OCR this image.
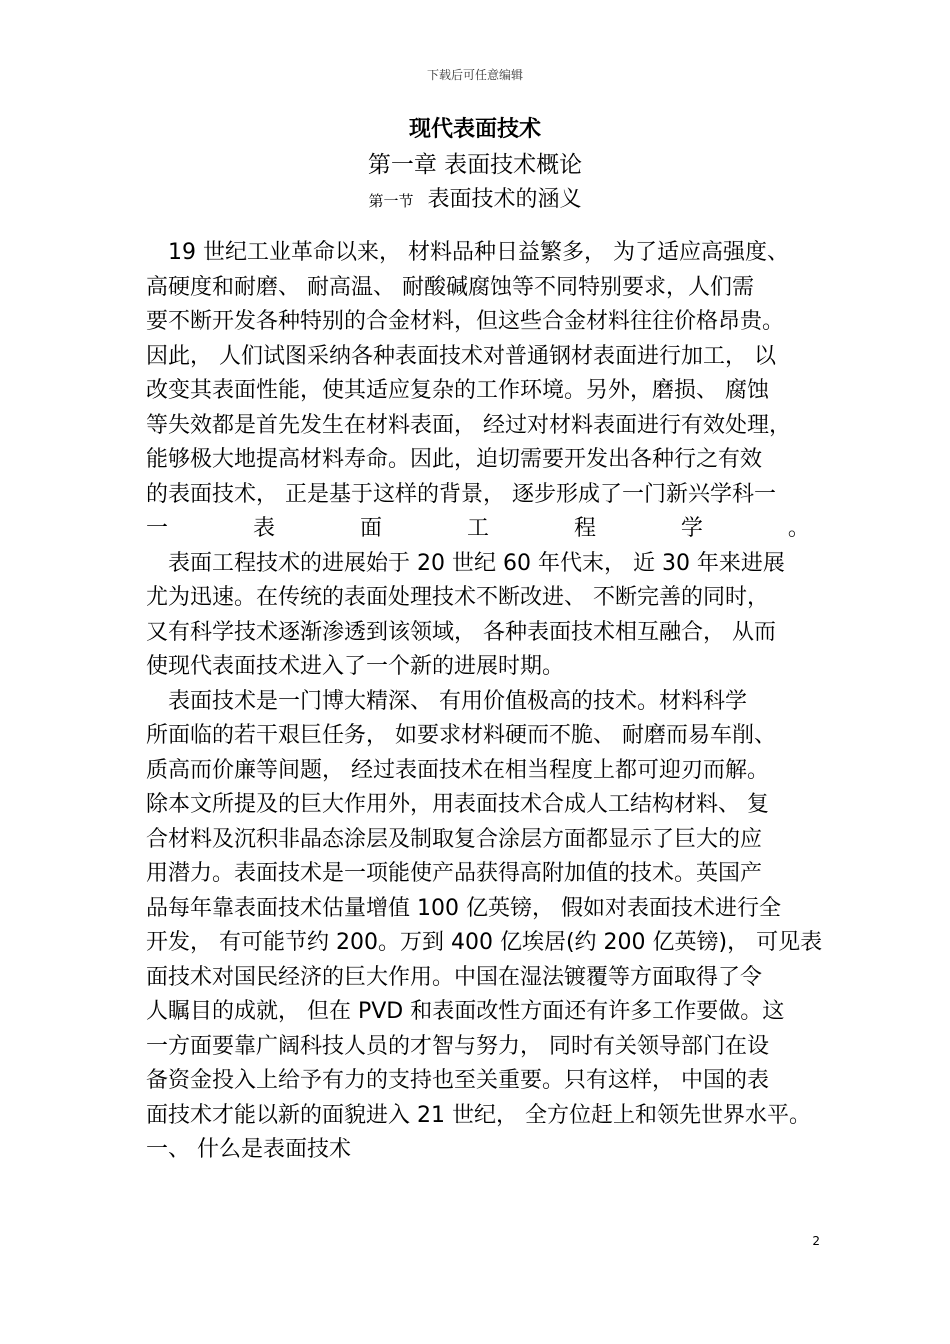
下载后可任意编辑
现代表面技术
第一章 表面技术概论
第一节 表面技术的涵义
　19 世纪工业革命以来， 材料品种日益繁多， 为了适应高强度、
高硬度和耐磨、 耐高温、 耐酸碱腐蚀等不同特别要求，人们需
要不断开发各种特别的合金材料，但这些合金材料往往价格昂贵。
因此， 人们试图采纳各种表面技术对普通钢材表面进行加工， 以
改变其表面性能，使其适应复杂的工作环境。另外，磨损、 腐蚀
等失效都是首先发生在材料表面， 经过对材料表面进行有效处理，
能够极大地提高材料寿命。因此，迫切需要开发出各种行之有效
的表面技术， 正是基于这样的背景， 逐步形成了一门新兴学科一
一	表	面	工	程	学	。
　表面工程技术的进展始于 20 世纪 60 年代末， 近 30 年来进展
尤为迅速。在传统的表面处理技术不断改进、 不断完善的同时，
又有科学技术逐渐渗透到该领域， 各种表面技术相互融合， 从而
使现代表面技术进入了一个新的进展时期。
　表面技术是一门博大精深、 有用价值极高的技术。材料科学
所面临的若干艰巨任务， 如要求材料硬而不脆、 耐磨而易车削、
质高而价廉等间题， 经过表面技术在相当程度上都可迎刃而解。
除本文所提及的巨大作用外，用表面技术合成人工结构材料、 复
合材料及沉积非晶态涂层及制取复合涂层方面都显示了巨大的应
用潜力。表面技术是一项能使产品获得高附加值的技术。英国产
品每年靠表面技术估量增值 100 亿英镑， 假如对表面技术进行全
开发， 有可能节约 200。万到 400 亿埃居(约 200 亿英镑)， 可见表
面技术对国民经济的巨大作用。中国在湿法镀覆等方面取得了令
人瞩目的成就， 但在 PVD 和表面改性方面还有许多工作要做。这
一方面要靠广阔科技人员的才智与努力， 同时有关领导部门在设
备资金投入上给予有力的支持也至关重要。只有这样， 中国的表
面技术才能以新的面貌进入 21 世纪， 全方位赶上和领先世界水平。
一、 什么是表面技术
2
